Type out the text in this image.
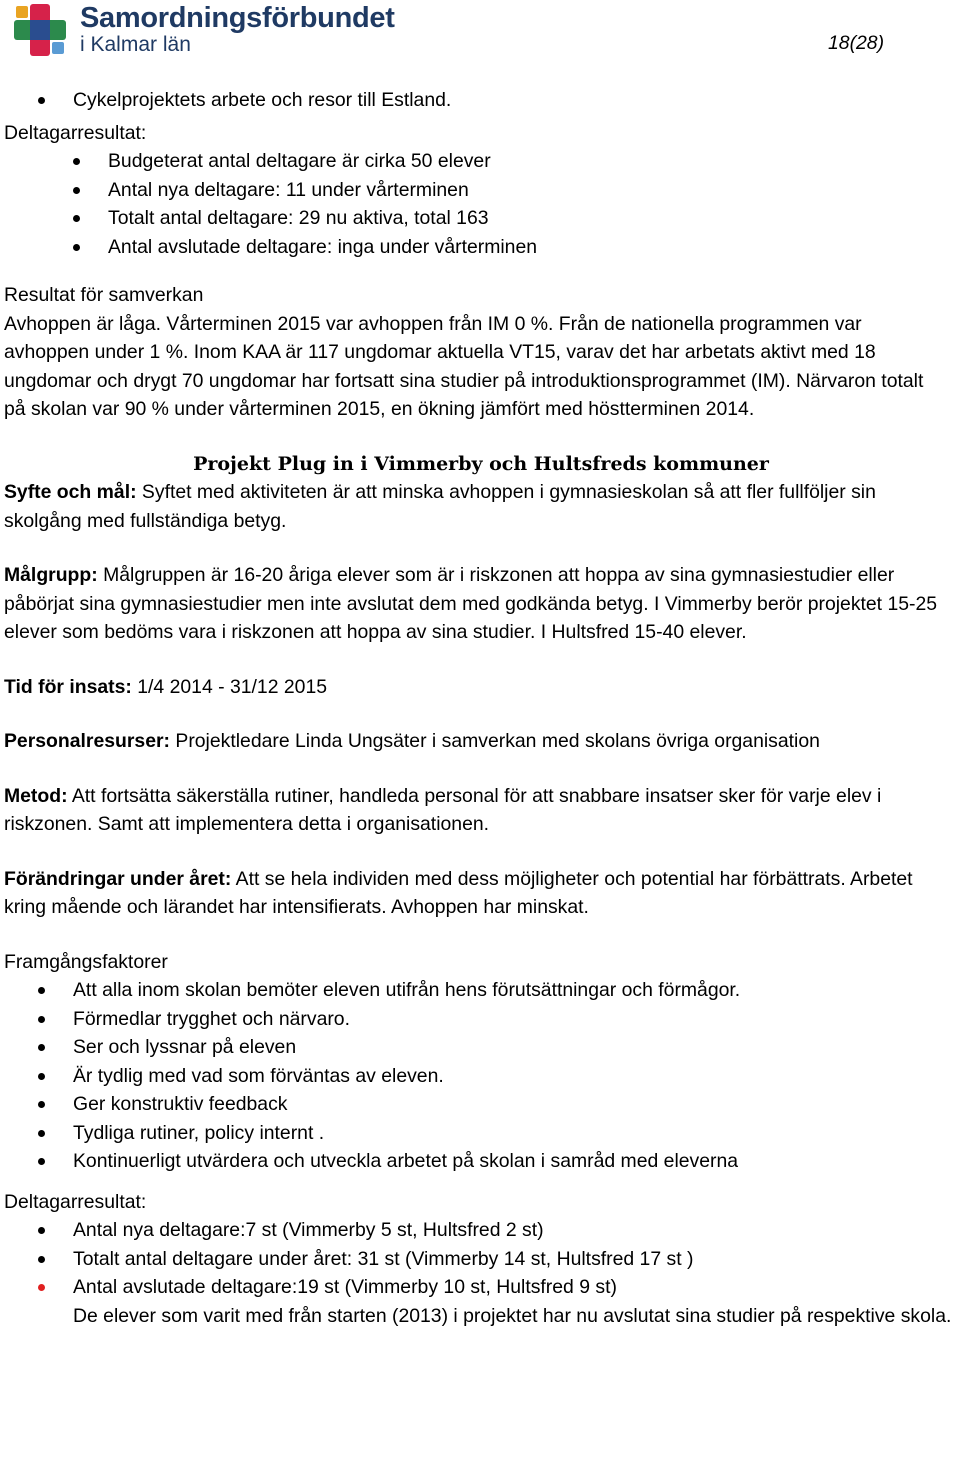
Samordningsförbundet
i Kalmar län	18(28)
Cykelprojektets arbete och resor till Estland.

Deltagarresultat:

Budgeterat antal deltagare är cirka 50 elever
Antal nya deltagare: 11 under vårterminen
Totalt antal deltagare: 29 nu aktiva, total 163
Antal avslutade deltagare: inga under vårterminen

Resultat för samverkan

Avhoppen är låga. Vårterminen 2015 var avhoppen från IM 0 %. Från de nationella programmen var avhoppen under 1 %. Inom KAA är 117 ungdomar aktuella VT15, varav det har arbetats aktivt med 18 ungdomar och drygt 70 ungdomar har fortsatt sina studier på introduktionsprogrammet (IM). Närvaron totalt på skolan var 90 % under vårterminen 2015, en ökning jämfört med höstterminen 2014.

Projekt Plug in i Vimmerby och Hultsfreds kommuner

Syfte och mål: Syftet med aktiviteten är att minska avhoppen i gymnasieskolan så att fler fullföljer sin skolgång med fullständiga betyg.

Målgrupp: Målgruppen är 16-20 åriga elever som är i riskzonen att hoppa av sina gymnasiestudier eller påbörjat sina gymnasiestudier men inte avslutat dem med godkända betyg. I Vimmerby berör projektet 15-25 elever som bedöms vara i riskzonen att hoppa av sina studier. I Hultsfred 15-40 elever.

Tid för insats: 1/4 2014 - 31/12 2015

Personalresurser: Projektledare Linda Ungsäter i samverkan med skolans övriga organisation

Metod: Att fortsätta säkerställa rutiner, handleda personal för att snabbare insatser sker för varje elev i riskzonen. Samt att implementera detta i organisationen.

Förändringar under året: Att se hela individen med dess möjligheter och potential har förbättrats. Arbetet kring mående och lärandet har intensifierats. Avhoppen har minskat.

Framgångsfaktorer

Att alla inom skolan bemöter eleven utifrån hens förutsättningar och förmågor.
Förmedlar trygghet och närvaro.
Ser och lyssnar på eleven
Är tydlig med vad som förväntas av eleven.
Ger konstruktiv feedback
Tydliga rutiner, policy internt .
Kontinuerligt utvärdera och utveckla arbetet på skolan i samråd med eleverna

Deltagarresultat:

Antal nya deltagare:7 st (Vimmerby 5 st, Hultsfred 2 st)
Totalt antal deltagare under året: 31 st (Vimmerby 14 st, Hultsfred 17 st )
Antal avslutade deltagare:19 st (Vimmerby 10 st, Hultsfred 9 st)
De elever som varit med från starten (2013) i projektet har nu avslutat sina studier på respektive skola.
